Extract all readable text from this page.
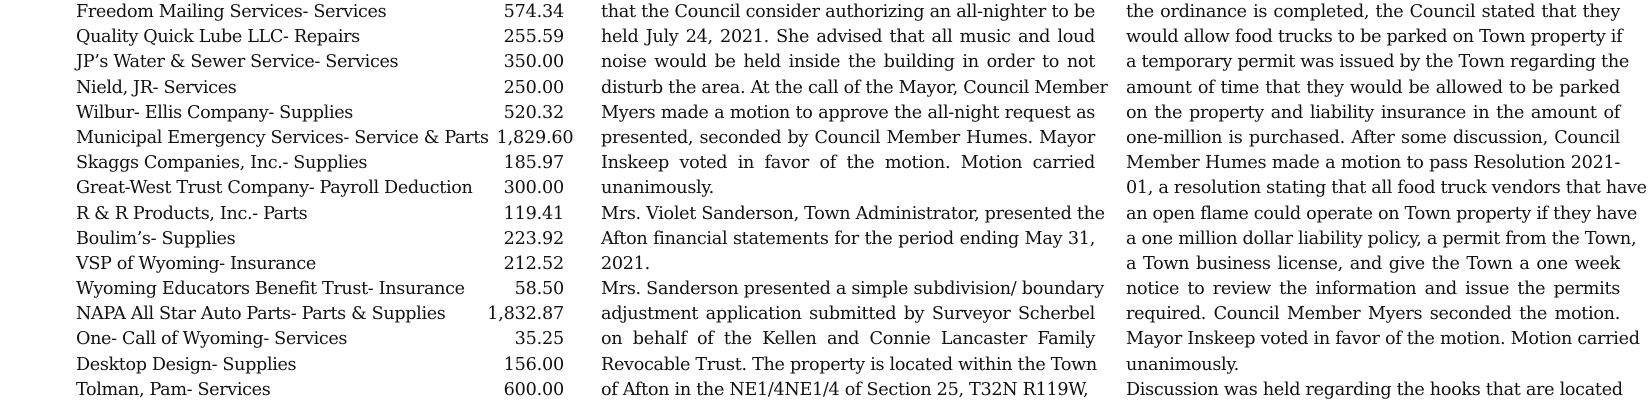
Freedom Mailing Services- Services	574.34
Quality Quick Lube LLC- Repairs	255.59
JP’s Water & Sewer Service- Services	350.00
Nield, JR- Services	250.00
Wilbur- Ellis Company- Supplies	520.32
Municipal Emergency Services- Service & Parts 1,829.60
Skaggs Companies, Inc.- Supplies	185.97
Great-West Trust Company- Payroll Deduction	300.00
R & R Products, Inc.- Parts	119.41
Boulim’s- Supplies	223.92
VSP of Wyoming- Insurance	212.52
Wyoming Educators Benefit Trust- Insurance	58.50
NAPA All Star Auto Parts- Parts & Supplies	1,832.87
One- Call of Wyoming- Services	35.25
Desktop Design- Supplies	156.00
Tolman, Pam- Services	600.00
that the Council consider authorizing an all-nighter to be
held July 24, 2021. She advised that all music and loud
noise would be held inside the building in order to not
disturb the area. At the call of the Mayor, Council Member
Myers made a motion to approve the all-night request as
presented, seconded by Council Member Humes. Mayor
Inskeep voted in favor of the motion. Motion carried
unanimously.
Mrs. Violet Sanderson, Town Administrator, presented the
Afton financial statements for the period ending May 31,
2021.
Mrs. Sanderson presented a simple subdivision/ boundary
adjustment application submitted by Surveyor Scherbel
on behalf of the Kellen and Connie Lancaster Family
Revocable Trust. The property is located within the Town
of Afton in the NE1/4NE1/4 of Section 25, T32N R119W,
the ordinance is completed, the Council stated that they
would allow food trucks to be parked on Town property if
a temporary permit was issued by the Town regarding the
amount of time that they would be allowed to be parked
on the property and liability insurance in the amount of
one-million is purchased. After some discussion, Council
Member Humes made a motion to pass Resolution 2021-
01, a resolution stating that all food truck vendors that have
an open flame could operate on Town property if they have
a one million dollar liability policy, a permit from the Town,
a Town business license, and give the Town a one week
notice to review the information and issue the permits
required. Council Member Myers seconded the motion.
Mayor Inskeep voted in favor of the motion. Motion carried
unanimously.
Discussion was held regarding the hooks that are located
